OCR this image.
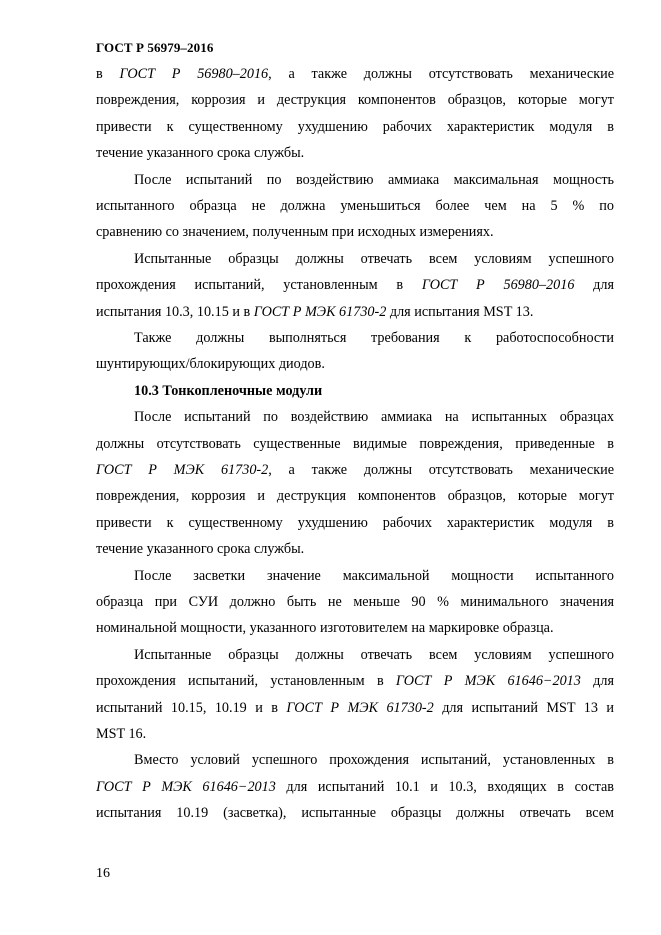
ГОСТ Р 56979–2016
в ГОСТ Р 56980–2016, а также должны отсутствовать механические
повреждения, коррозия и деструкция компонентов образцов, которые могут
привести к существенному ухудшению рабочих характеристик модуля в
течение указанного срока службы.
После испытаний по воздействию аммиака максимальная мощность
испытанного образца не должна уменьшиться более чем на 5 % по
сравнению со значением, полученным при исходных измерениях.
Испытанные образцы должны отвечать всем условиям успешного
прохождения испытаний, установленным в ГОСТ Р 56980–2016 для
испытания 10.3, 10.15 и в ГОСТ Р МЭК 61730-2 для испытания MST 13.
Также должны выполняться требования к работоспособности
шунтирующих/блокирующих диодов.
10.3 Тонкопленочные модули
После испытаний по воздействию аммиака на испытанных образцах
должны отсутствовать существенные видимые повреждения, приведенные в
ГОСТ Р МЭК 61730-2, а также должны отсутствовать механические
повреждения, коррозия и деструкция компонентов образцов, которые могут
привести к существенному ухудшению рабочих характеристик модуля в
течение указанного срока службы.
После засветки значение максимальной мощности испытанного
образца при СУИ должно быть не меньше 90 % минимального значения
номинальной мощности, указанного изготовителем на маркировке образца.
Испытанные образцы должны отвечать всем условиям успешного
прохождения испытаний, установленным в ГОСТ Р МЭК 61646−2013 для
испытаний 10.15, 10.19 и в ГОСТ Р МЭК 61730-2 для испытаний MST 13 и
MST 16.
Вместо условий успешного прохождения испытаний, установленных в
ГОСТ Р МЭК 61646−2013 для испытаний 10.1 и 10.3, входящих в состав
испытания 10.19 (засветка), испытанные образцы должны отвечать всем
16
